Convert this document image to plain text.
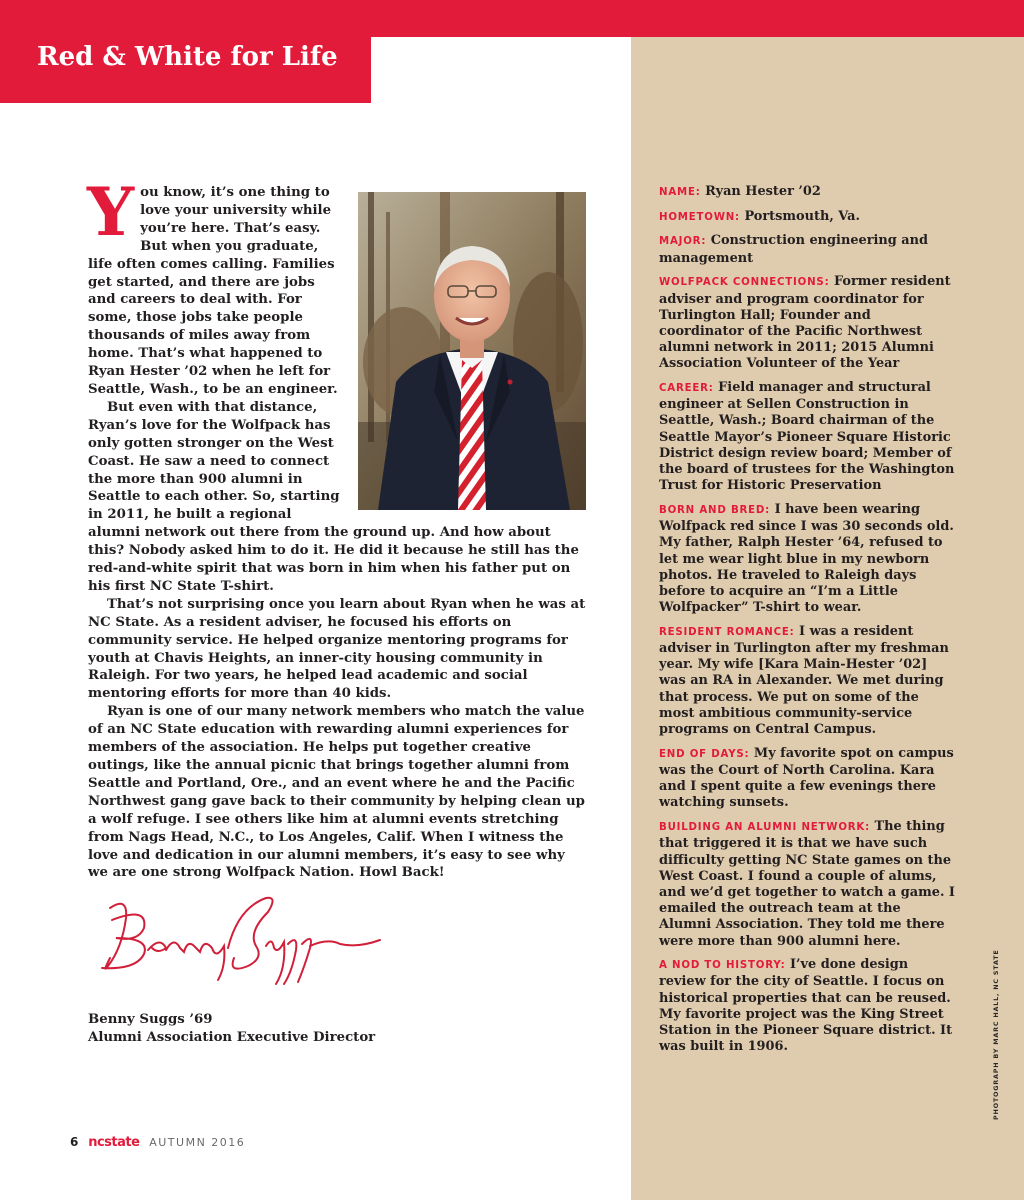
Red & White for Life
Y ou know, it’s one thing to love your university while you’re here. That’s easy. But when you graduate, life often comes calling. Families get started, and there are jobs and careers to deal with. For some, those jobs take people thousands of miles away from home. That’s what happened to Ryan Hester ’02 when he left for Seattle, Wash., to be an engineer.

But even with that distance, Ryan’s love for the Wolfpack has only gotten stronger on the West Coast. He saw a need to connect the more than 900 alumni in Seattle to each other. So, starting in 2011, he built a regional alumni network out there from the ground up. And how about this? Nobody asked him to do it. He did it because he still has the red-and-white spirit that was born in him when his father put on his first NC State T-shirt.

That’s not surprising once you learn about Ryan when he was at NC State. As a resident adviser, he focused his efforts on community service. He helped organize mentoring programs for youth at Chavis Heights, an inner-city housing community in Raleigh. For two years, he helped lead academic and social mentoring efforts for more than 40 kids.

Ryan is one of our many network members who match the value of an NC State education with rewarding alumni experiences for members of the association. He helps put together creative outings, like the annual picnic that brings together alumni from Seattle and Portland, Ore., and an event where he and the Pacific Northwest gang gave back to their community by helping clean up a wolf refuge. I see others like him at alumni events stretching from Nags Head, N.C., to Los Angeles, Calif. When I witness the love and dedication in our alumni members, it’s easy to see why we are one strong Wolfpack Nation. Howl Back!

Benny Suggs ’69
Alumni Association Executive Director
6 ncstate AUTUMN 2016
NAME: Ryan Hester ’02
HOMETOWN: Portsmouth, Va.
MAJOR: Construction engineering and management
WOLFPACK CONNECTIONS: Former resident adviser and program coordinator for Turlington Hall; Founder and coordinator of the Pacific Northwest alumni network in 2011; 2015 Alumni Association Volunteer of the Year
CAREER: Field manager and structural engineer at Sellen Construction in Seattle, Wash.; Board chairman of the Seattle Mayor’s Pioneer Square Historic District design review board; Member of the board of trustees for the Washington Trust for Historic Preservation
BORN AND BRED: I have been wearing Wolfpack red since I was 30 seconds old. My father, Ralph Hester ’64, refused to let me wear light blue in my newborn photos. He traveled to Raleigh days before to acquire an “I’m a Little Wolfpacker” T-shirt to wear.
RESIDENT ROMANCE: I was a resident adviser in Turlington after my freshman year. My wife [Kara Main-Hester ’02] was an RA in Alexander. We met during that process. We put on some of the most ambitious community-service programs on Central Campus.
END OF DAYS: My favorite spot on campus was the Court of North Carolina. Kara and I spent quite a few evenings there watching sunsets.
BUILDING AN ALUMNI NETWORK: The thing that triggered it is that we have such difficulty getting NC State games on the West Coast. I found a couple of alums, and we’d get together to watch a game. I emailed the outreach team at the Alumni Association. They told me there were more than 900 alumni here.
A NOD TO HISTORY: I’ve done design review for the city of Seattle. I focus on historical properties that can be reused. My favorite project was the King Street Station in the Pioneer Square district. It was built in 1906.	PHOTOGRAPH BY MARC HALL, NC STATE
